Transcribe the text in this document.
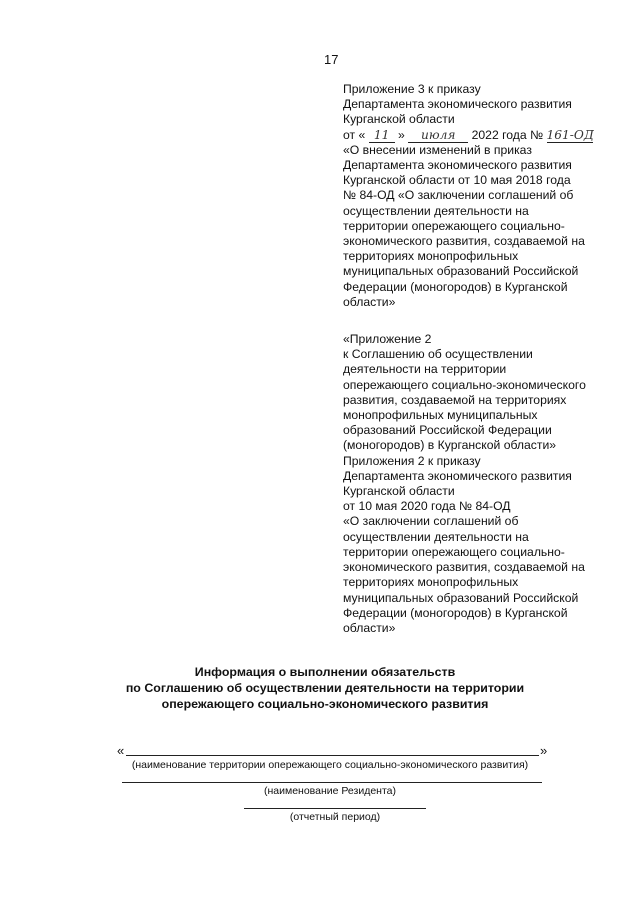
17
Приложение 3 к приказу
Департамента экономического развития
Курганской области
от « 11 » июля 2022 года № 161-ОД
«О внесении изменений в приказ
Департамента экономического развития
Курганской области от 10 мая 2018 года
№ 84-ОД «О заключении соглашений об
осуществлении деятельности на
территории опережающего социально-
экономического развития, создаваемой на
территориях монопрофильных
муниципальных образований Российской
Федерации (моногородов) в Курганской
области»
«Приложение 2
к Соглашению об осуществлении
деятельности на территории
опережающего социально-экономического
развития, создаваемой на территориях
монопрофильных муниципальных
образований Российской Федерации
(моногородов) в Курганской области»
Приложения 2 к приказу
Департамента экономического развития
Курганской области
от 10 мая 2020 года № 84-ОД
«О заключении соглашений об
осуществлении деятельности на
территории опережающего социально-
экономического развития, создаваемой на
территориях монопрофильных
муниципальных образований Российской
Федерации (моногородов) в Курганской
области»
Информация о выполнении обязательств
по Соглашению об осуществлении деятельности на территории
опережающего социально-экономического развития
«	»
(наименование территории опережающего социально-экономического развития)
(наименование Резидента)
(отчетный период)
